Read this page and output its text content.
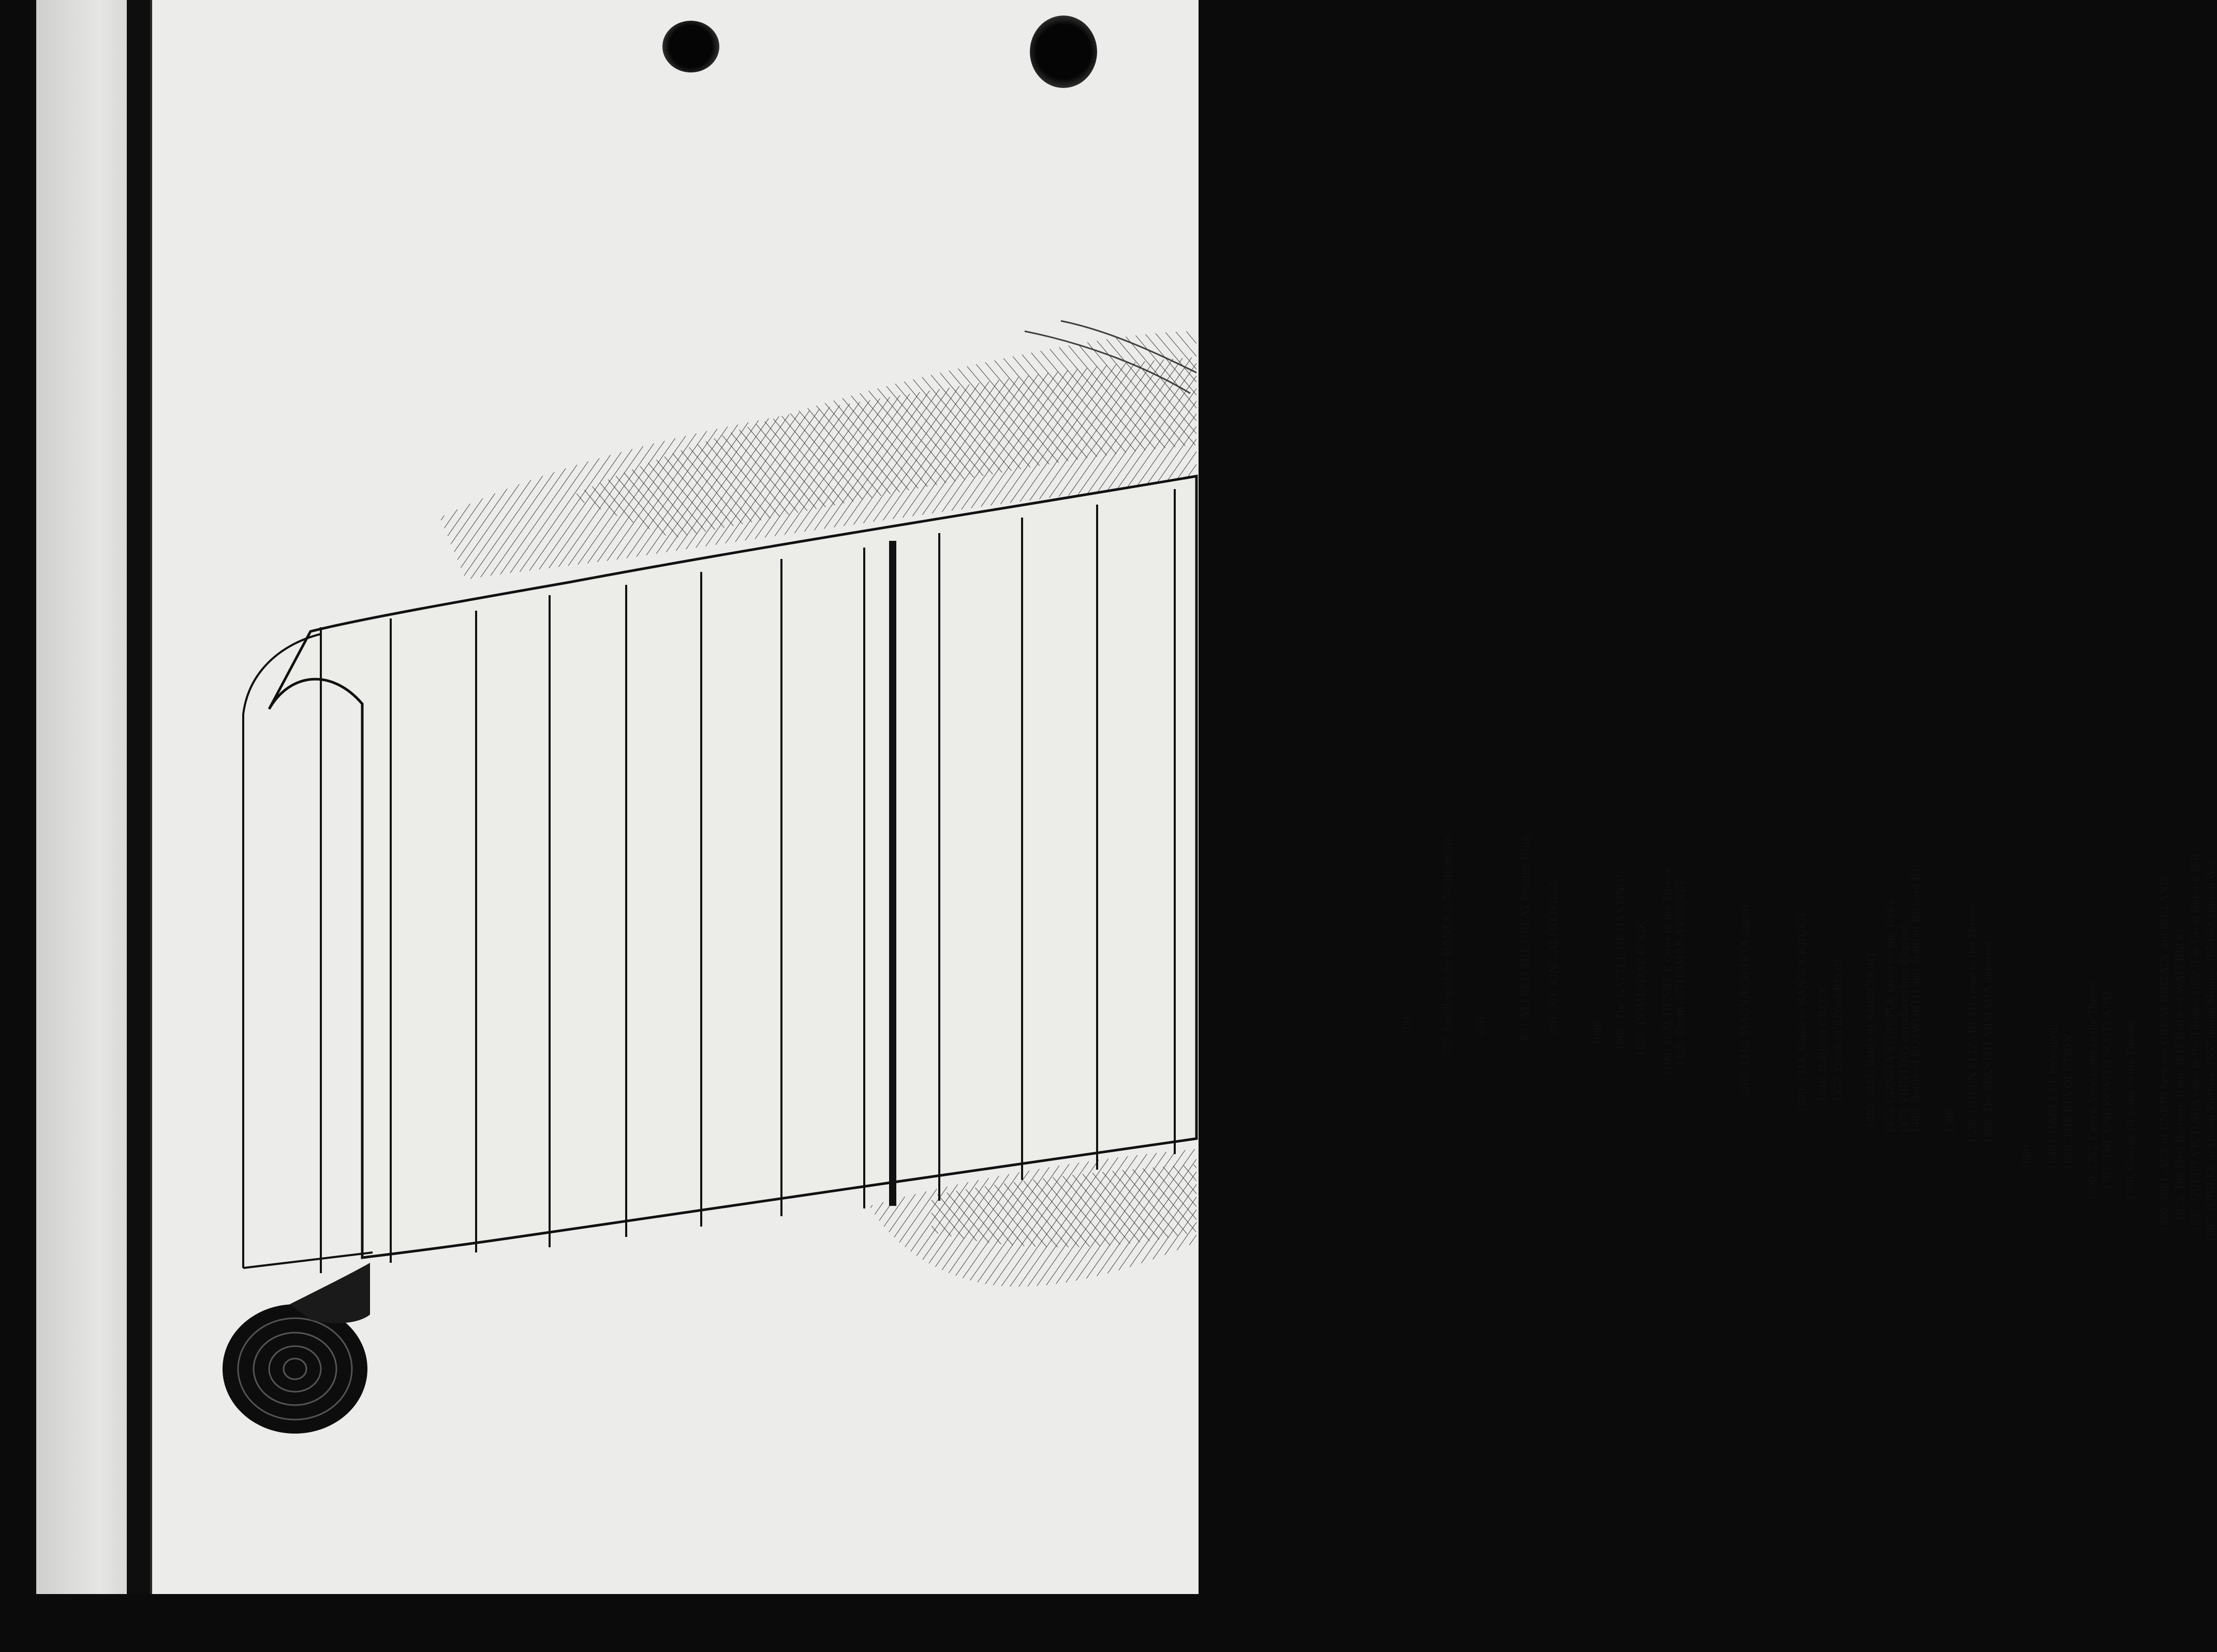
1887. JUBILEE of Queen Victoria. 1857.Indian Mutiny. 1854-6 Crimean War.
1837. QUEEN VICTORIA came to the Throne. 1832. The Great Reform Bill
1825. The First Railway Train. 1815 Battle of WATERLOO
1800. 1801. ACT of UNION between GREAT BRITAIN and IRELAND.
1760. George III came to the Throne.
1707. THE UNION WITH SCOTLAND.
1700. 1702. Queen Anne came to the Throne.
1688. THE REVOLUTION.
1649 CHARLES I. beheaded.
1600.
1588. The SPANISH ARMADA defeated.
1558. QUEEN ELIZABETH came to the Throne.
1500.
1485. Battle of BOSWORTH and death of Richard III.
1470. PRINTING introduced into England.
1453. CONSTANTINOPLE taken by the Turks.
1400. 1415. Battle of AGINCOURT.
1372. Death of EDWARD III.
1346. Battle of CRECY.
1300. 1314. Battle of BANNOCKBURN.
1200. 1215. MAGNA CHARTA signed.
1120. Death of THOMAS A'BECKET.
1100. 1100. HENRY I. came to the Throne.
1086. DOMESDAY BOOK.
1066. The BATTLE OF HASTINGS.
1000.
900. 901. KING ALFRED died.
871 ALFRED THE GREAT became King.
800
787. Landing of the DANES in Northumbria.
700.
